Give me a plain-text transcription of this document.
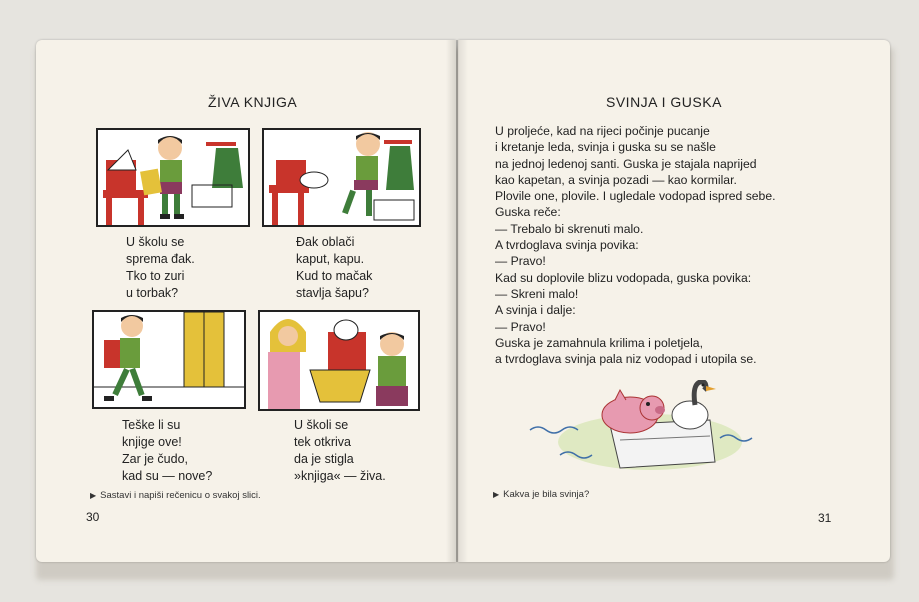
ŽIVA KNJIGA
U školu se
sprema đak.
Tko to zuri
u torbak?
Đak oblači
kaput, kapu.
Kud to mačak
stavlja šapu?
Teške li su
knjige ove!
Zar je čudo,
kad su — nove?
U školi se
tek otkriva
da je stigla
»knjiga« — živa.
▶ Sastavi i napiši rečenicu o svakoj slici.
30
SVINJA I GUSKA
U proljeće, kad na rijeci počinje pucanje
i kretanje leda, svinja i guska su se našle
na jednoj ledenoj santi. Guska je stajala naprijed
kao kapetan, a svinja pozadi — kao kormilar.
Plovile one, plovile. I ugledale vodopad ispred sebe.
Guska reče:
— Trebalo bi skrenuti malo.
A tvrdoglava svinja povika:
— Pravo!
Kad su doplovile blizu vodopada, guska povika:
— Skreni malo!
A svinja i dalje:
— Pravo!
Guska je zamahnula krilima i poletjela,
a tvrdoglava svinja pala niz vodopad i utopila se.
▶ Kakva je bila svinja?
31
